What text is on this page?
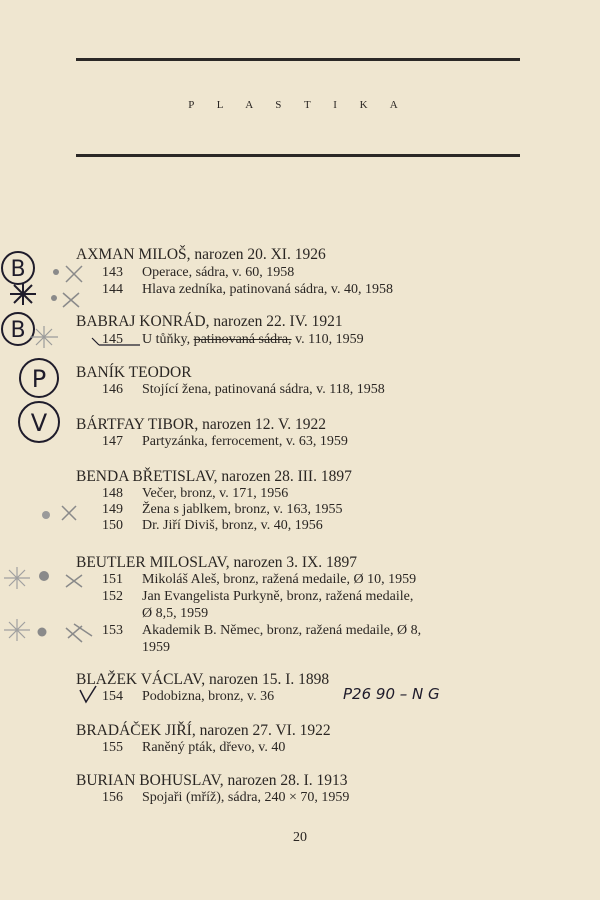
P L A S T I K A
AXMAN MILOŠ, narozen 20. XI. 1926
143 Operace, sádra, v. 60, 1958
144 Hlava zedníka, patinovaná sádra, v. 40, 1958
BABRAJ KONRÁD, narozen 22. IV. 1921
145 U tůňky, patinovaná sádra, v. 110, 1959
BANÍK TEODOR
146 Stojící žena, patinovaná sádra, v. 118, 1958
BÁRTFAY TIBOR, narozen 12. V. 1922
147 Partyzánka, ferrocement, v. 63, 1959
BENDA BŘETISLAV, narozen 28. III. 1897
148 Večer, bronz, v. 171, 1956
149 Žena s jablkem, bronz, v. 163, 1955
150 Dr. Jiří Diviš, bronz, v. 40, 1956
BEUTLER MILOSLAV, narozen 3. IX. 1897
151 Mikoláš Aleš, bronz, ražená medaile, Ø 10, 1959
152 Jan Evangelista Purkyně, bronz, ražená medaile,
Ø 8,5, 1959
153 Akademik B. Němec, bronz, ražená medaile, Ø 8,
1959
BLAŽEK VÁCLAV, narozen 15. I. 1898
154 Podobizna, bronz, v. 36
BRADÁČEK JIŘÍ, narozen 27. VI. 1922
155 Raněný pták, dřevo, v. 40
BURIAN BOHUSLAV, narozen 28. I. 1913
156 Spojaři (mříž), sádra, 240 × 70, 1959
20
B
B
P
V
P26 90 – N G
